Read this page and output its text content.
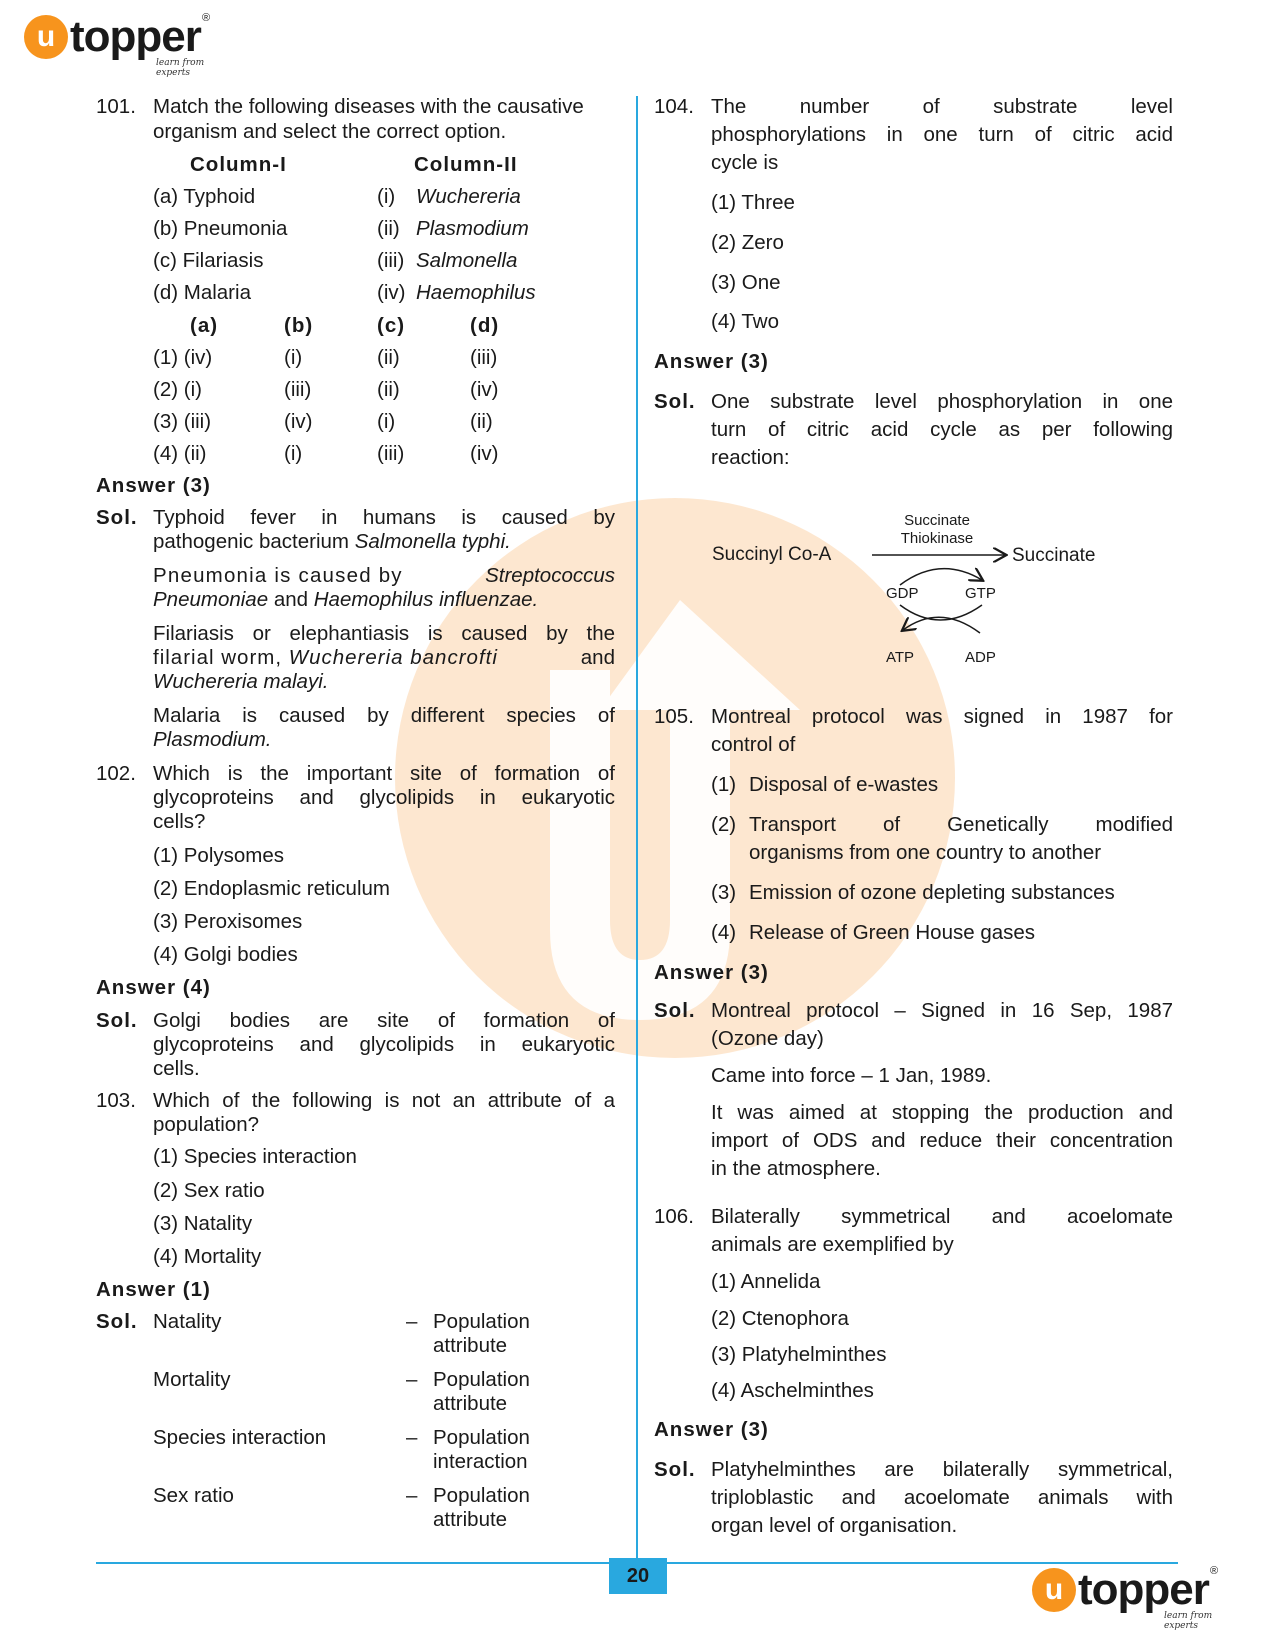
u topper ®
learn from experts
20	u topper ®
learn from experts
101. Match the following diseases with the causative
organism and select the correct option.
Column-I	Column-II
(a) Typhoid	(i) Wuchereria
(b) Pneumonia	(ii) Plasmodium
(c) Filariasis	(iii) Salmonella
(d) Malaria	(iv) Haemophilus
(a)	(b)	(c)	(d)
(1) (iv)	(i)	(ii)	(iii)
(2) (i)	(iii)	(ii)	(iv)
(3) (iii)	(iv)	(i)	(ii)
(4) (ii)	(i)	(iii)	(iv)
Answer (3)
Sol. Typhoid fever in humans is caused by
pathogenic bacterium Salmonella typhi.
Pneumonia is caused by	Streptococcus
Pneumoniae and Haemophilus influenzae.
Filariasis or elephantiasis is caused by the
filarial worm, Wuchereria bancrofti	and
Wuchereria malayi.
Malaria is caused by different species of
Plasmodium.
102. Which is the important site of formation of
glycoproteins and glycolipids in eukaryotic
cells?
(1) Polysomes
(2) Endoplasmic reticulum
(3) Peroxisomes
(4) Golgi bodies
Answer (4)
Sol. Golgi bodies are site of formation of
glycoproteins and glycolipids in eukaryotic
cells.
103. Which of the following is not an attribute of a
population?
(1) Species interaction
(2) Sex ratio
(3) Natality
(4) Mortality
Answer (1)
Sol. Natality	– Population
attribute
Mortality	– Population
attribute
Species interaction	– Population
interaction
Sex ratio	– Population
attribute
104. The number of substrate level
phosphorylations in one turn of citric acid
cycle is
(1) Three
(2) Zero
(3) One
(4) Two
Answer (3)
Sol. One substrate level phosphorylation in one
turn of citric acid cycle as per following
reaction:
Succinyl Co-A
Succinate
Thiokinase
Succinate
GDP	GTP
ATP	ADP
105. Montreal protocol was signed in 1987 for
control of
(1) Disposal of e-wastes
(2) Transport of Genetically modified
organisms from one country to another
(3) Emission of ozone depleting substances
(4) Release of Green House gases
Answer (3)
Sol. Montreal protocol – Signed in 16 Sep, 1987
(Ozone day)
Came into force – 1 Jan, 1989.
It was aimed at stopping the production and
import of ODS and reduce their concentration
in the atmosphere.
106. Bilaterally symmetrical and acoelomate
animals are exemplified by
(1) Annelida
(2) Ctenophora
(3) Platyhelminthes
(4) Aschelminthes
Answer (3)
Sol. Platyhelminthes are bilaterally symmetrical,
triploblastic and acoelomate animals with
organ level of organisation.
